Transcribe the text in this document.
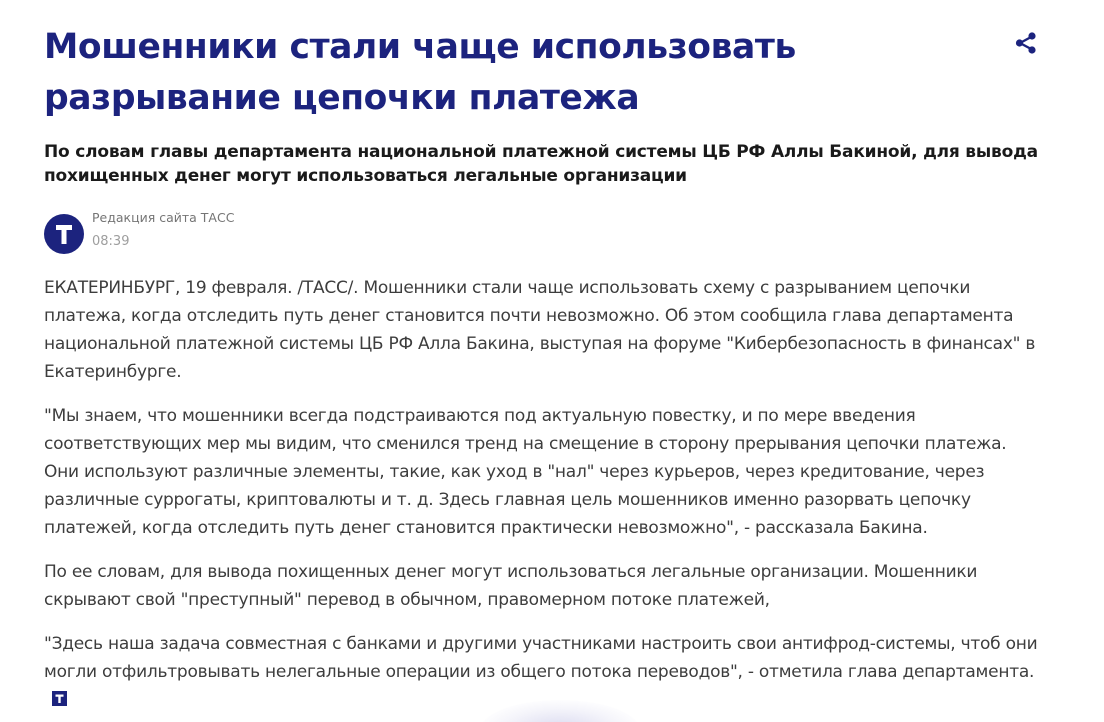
Мошенники стали чаще использовать разрывание цепочки платежа

По словам главы департамента национальной платежной системы ЦБ РФ Аллы Бакиной, для вывода похищенных денег могут использоваться легальные организации

Редакция сайта ТАСС
08:39

ЕКАТЕРИНБУРГ, 19 февраля. /ТАСС/. Мошенники стали чаще использовать схему с разрыванием цепочки платежа, когда отследить путь денег становится почти невозможно. Об этом сообщила глава департамента национальной платежной системы ЦБ РФ Алла Бакина, выступая на форуме "Кибербезопасность в финансах" в Екатеринбурге.

"Мы знаем, что мошенники всегда подстраиваются под актуальную повестку, и по мере введения соответствующих мер мы видим, что сменился тренд на смещение в сторону прерывания цепочки платежа. Они используют различные элементы, такие, как уход в "нал" через курьеров, через кредитование, через различные суррогаты, криптовалюты и т. д. Здесь главная цель мошенников именно разорвать цепочку платежей, когда отследить путь денег становится практически невозможно", - рассказала Бакина.

По ее словам, для вывода похищенных денег могут использоваться легальные организации. Мошенники скрывают свой "преступный" перевод в обычном, правомерном потоке платежей,

"Здесь наша задача совместная с банками и другими участниками настроить свои антифрод-системы, чтоб они могли отфильтровывать нелегальные операции из общего потока переводов", - отметила глава департамента.
